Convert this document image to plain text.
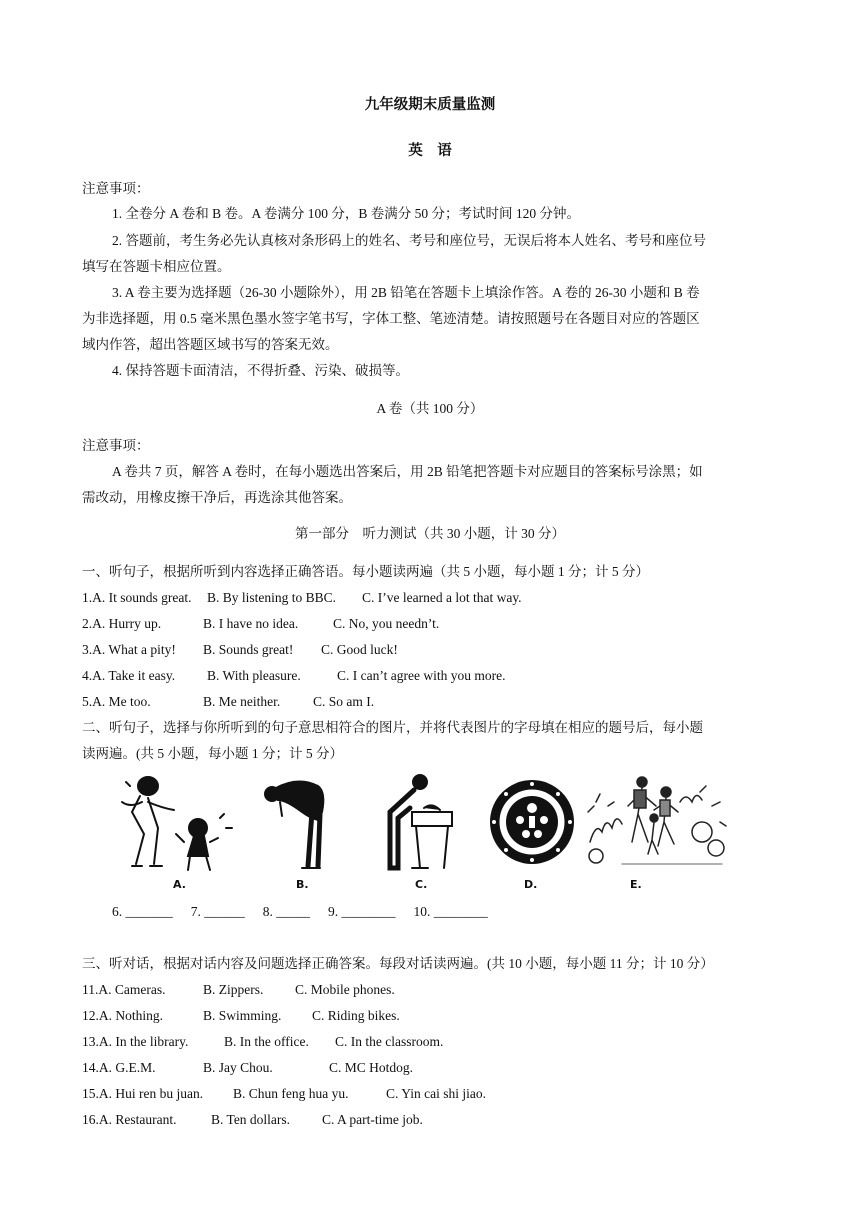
九年级期末质量监测
英　语
注意事项：
1. 全卷分 A 卷和 B 卷。A 卷满分 100 分，B 卷满分 50 分；考试时间 120 分钟。
2. 答题前，考生务必先认真核对条形码上的姓名、考号和座位号，无误后将本人姓名、考号和座位号
填写在答题卡相应位置。
3. A 卷主要为选择题（26-30 小题除外），用 2B 铅笔在答题卡上填涂作答。A 卷的 26-30 小题和 B 卷
为非选择题，用 0.5 毫米黑色墨水签字笔书写，字体工整、笔迹清楚。请按照题号在各题目对应的答题区
域内作答，超出答题区域书写的答案无效。
4. 保持答题卡面清洁，不得折叠、污染、破损等。
A 卷（共 100 分）
注意事项：
A 卷共 7 页，解答 A 卷时，在每小题选出答案后，用 2B 铅笔把答题卡对应题目的答案标号涂黑；如
需改动，用橡皮擦干净后，再选涂其他答案。
第一部分　听力测试（共 30 小题，计 30 分）
一、听句子，根据所听到内容选择正确答语。每小题读两遍（共 5 小题，每小题 1 分；计 5 分）
1.A. It sounds great. B. By listening to BBC. C. I’ve learned a lot that way.
2.A. Hurry up.	B. I have no idea.	C. No, you needn’t.
3.A. What a pity! B. Sounds great! C. Good luck!
4.A. Take it easy. B. With pleasure.	C. I can’t agree with you more.
5.A. Me too.	B. Me neither. C. So am I.
二、听句子，选择与你所听到的句子意思相符合的图片，并将代表图片的字母填在相应的题号后，每小题
读两遍。(共 5 小题，每小题 1 分；计 5 分）
A.	B.	C.	D.	E.
6. _______ 7. ______ 8. _____ 9. ________ 10. ________
三、听对话，根据对话内容及问题选择正确答案。每段对话读两遍。(共 10 小题，每小题 11 分；计 10 分）
11.A. Cameras.	B. Zippers. C. Mobile phones.
12.A. Nothing.	B. Swimming. C. Riding bikes.
13.A. In the library.	B. In the office. C. In the classroom.
14.A. G.E.M.	B. Jay Chou.	C. MC Hotdog.
15.A. Hui ren bu juan. B. Chun feng hua yu.	C. Yin cai shi jiao.
16.A. Restaurant.	B. Ten dollars. C. A part-time job.
